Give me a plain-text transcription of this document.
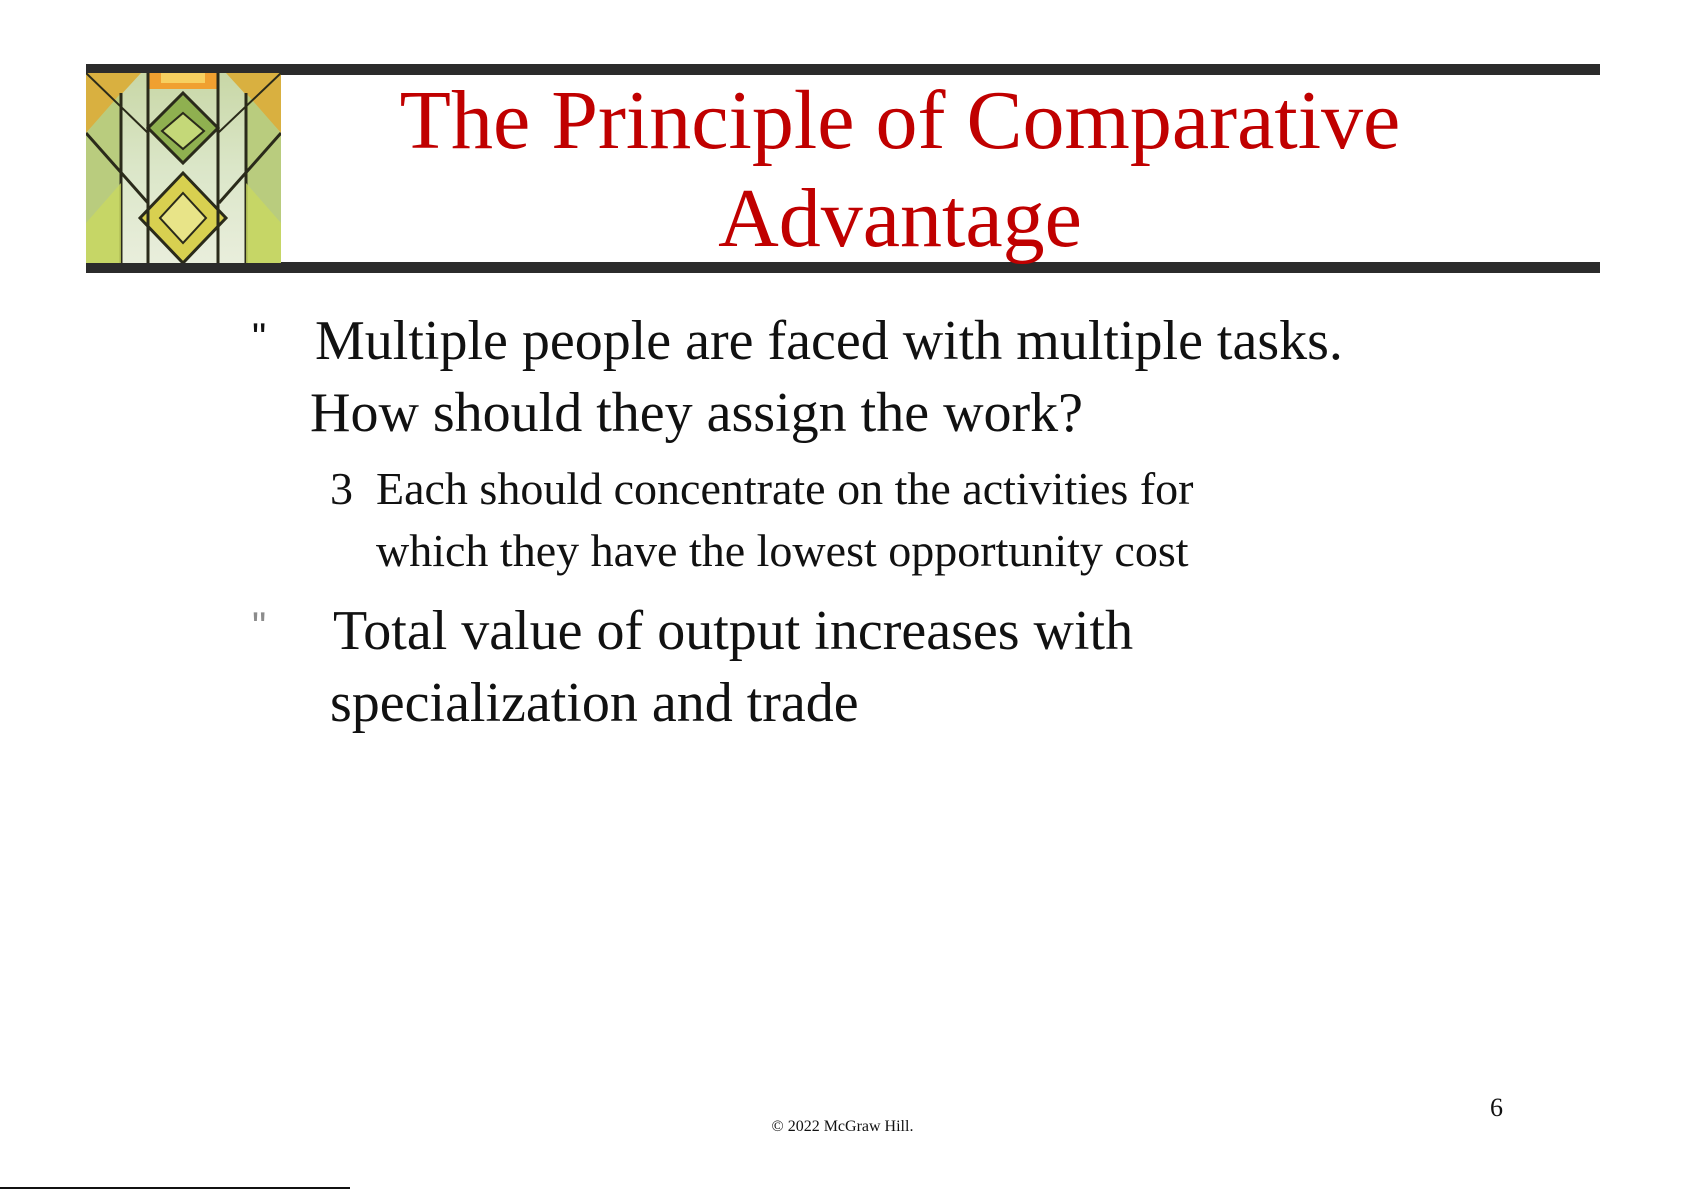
The Principle of Comparative
Advantage
" Multiple people are faced with multiple tasks.
How should they assign the work?
3 Each should concentrate on the activities for
which they have the lowest opportunity cost
" Total value of output increases with
specialization and trade
6
© 2022 McGraw Hill.
